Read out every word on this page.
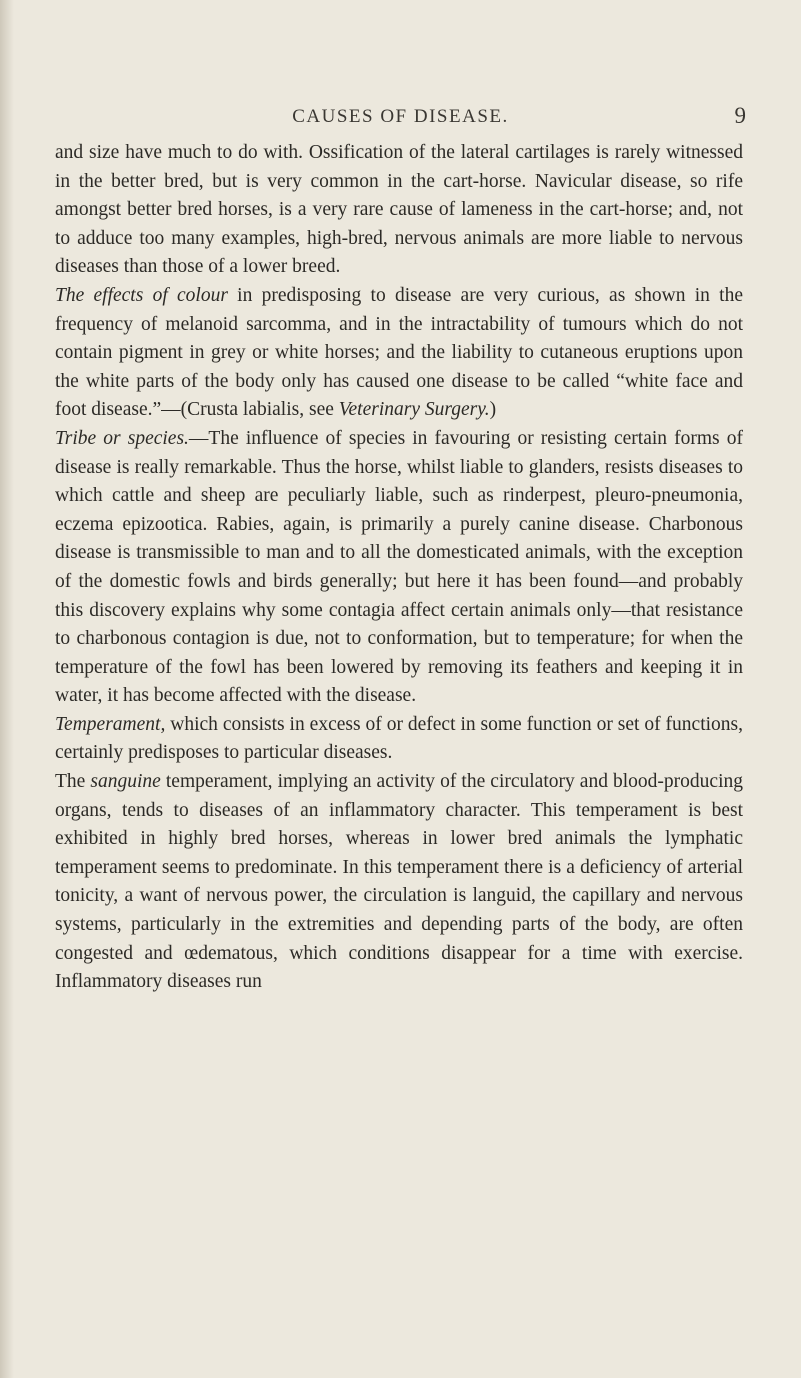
CAUSES OF DISEASE.	9

and size have much to do with. Ossification of the lateral cartilages is rarely witnessed in the better bred, but is very common in the cart-horse. Navicular disease, so rife amongst better bred horses, is a very rare cause of lameness in the cart-horse; and, not to adduce too many examples, high-bred, nervous animals are more liable to nervous diseases than those of a lower breed.

The effects of colour in predisposing to disease are very curious, as shown in the frequency of melanoid sarcomma, and in the intractability of tumours which do not contain pigment in grey or white horses; and the liability to cutaneous eruptions upon the white parts of the body only has caused one disease to be called “white face and foot disease.”—(Crusta labialis, see Veterinary Surgery.)

Tribe or species.—The influence of species in favouring or resisting certain forms of disease is really remarkable. Thus the horse, whilst liable to glanders, resists diseases to which cattle and sheep are peculiarly liable, such as rinderpest, pleuro-pneumonia, eczema epizootica. Rabies, again, is primarily a purely canine disease. Charbonous disease is transmissible to man and to all the domesticated animals, with the exception of the domestic fowls and birds generally; but here it has been found—and probably this discovery explains why some contagia affect certain animals only—that resistance to charbonous contagion is due, not to conformation, but to temperature; for when the temperature of the fowl has been lowered by removing its feathers and keeping it in water, it has become affected with the disease.

Temperament, which consists in excess of or defect in some function or set of functions, certainly predisposes to particular diseases.

The sanguine temperament, implying an activity of the circulatory and blood-producing organs, tends to diseases of an inflammatory character. This temperament is best exhibited in highly bred horses, whereas in lower bred animals the lymphatic temperament seems to predominate. In this temperament there is a deficiency of arterial tonicity, a want of nervous power, the circulation is languid, the capillary and nervous systems, particularly in the extremities and depending parts of the body, are often congested and œdematous, which conditions disappear for a time with exercise. Inflammatory diseases run
